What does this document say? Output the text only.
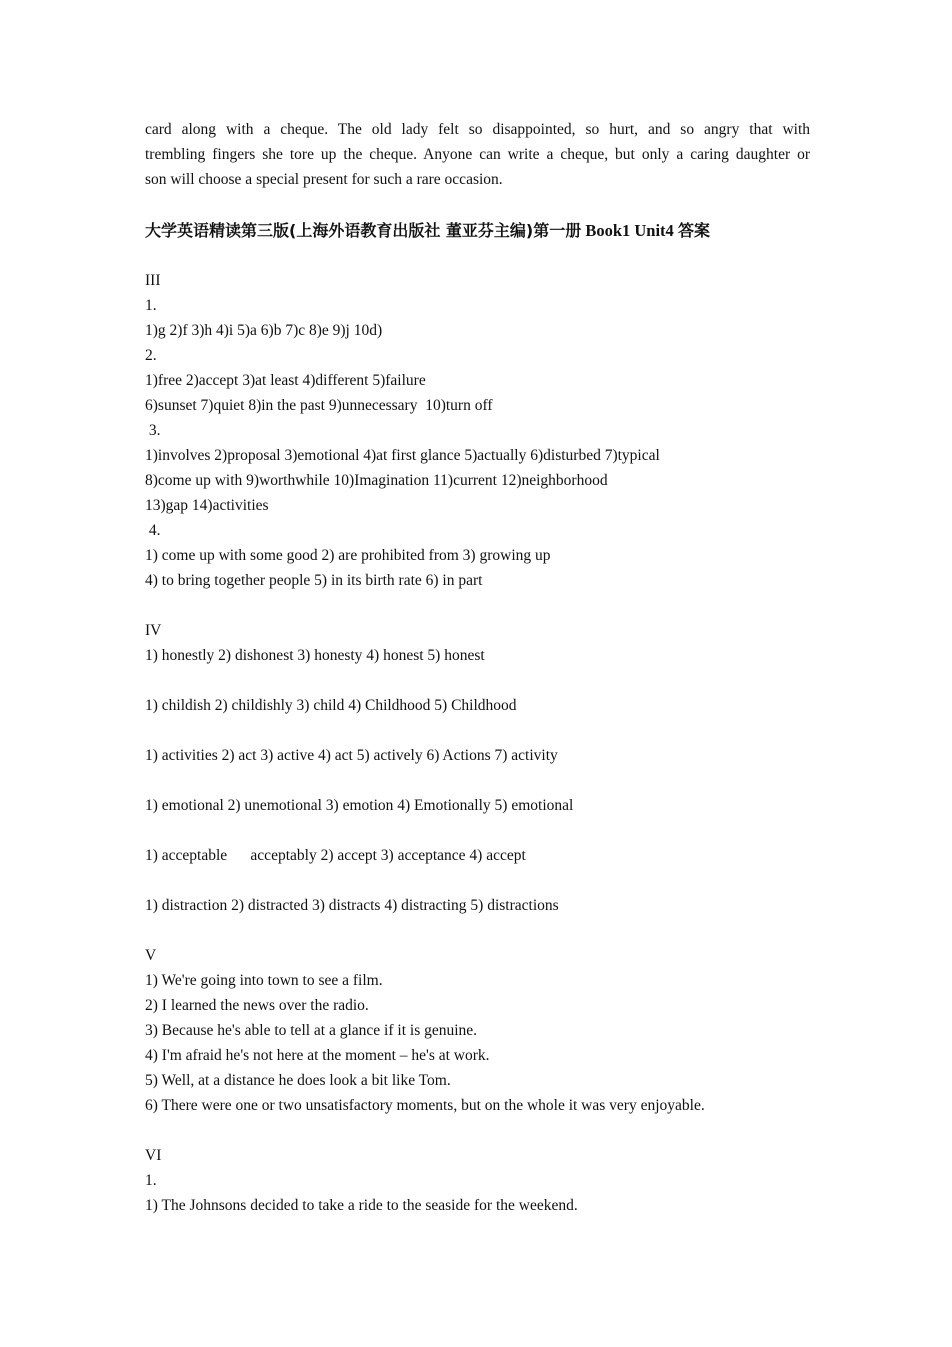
card along with a cheque. The old lady felt so disappointed, so hurt, and so angry that with
trembling fingers she tore up the cheque. Anyone can write a cheque, but only a caring daughter or
son will choose a special present for such a rare occasion.
大学英语精读第三版(上海外语教育出版社 董亚芬主编)第一册 Book1 Unit4 答案
III
1.
1)g 2)f 3)h 4)i 5)a 6)b 7)c 8)e 9)j 10d)
2.
1)free 2)accept 3)at least 4)different 5)failure
6)sunset 7)quiet 8)in the past 9)unnecessary  10)turn off
3.
1)involves 2)proposal 3)emotional 4)at first glance 5)actually 6)disturbed 7)typical
8)come up with 9)worthwhile 10)Imagination 11)current 12)neighborhood
13)gap 14)activities
4.
1) come up with some good 2) are prohibited from 3) growing up
4) to bring together people 5) in its birth rate 6) in part
IV
1) honestly 2) dishonest 3) honesty 4) honest 5) honest
1) childish 2) childishly 3) child 4) Childhood 5) Childhood
1) activities 2) act 3) active 4) act 5) actively 6) Actions 7) activity
1) emotional 2) unemotional 3) emotion 4) Emotionally 5) emotional
1) acceptable      acceptably 2) accept 3) acceptance 4) accept
1) distraction 2) distracted 3) distracts 4) distracting 5) distractions
V
1) We're going into town to see a film.
2) I learned the news over the radio.
3) Because he's able to tell at a glance if it is genuine.
4) I'm afraid he's not here at the moment – he's at work.
5) Well, at a distance he does look a bit like Tom.
6) There were one or two unsatisfactory moments, but on the whole it was very enjoyable.
VI
1.
1) The Johnsons decided to take a ride to the seaside for the weekend.
